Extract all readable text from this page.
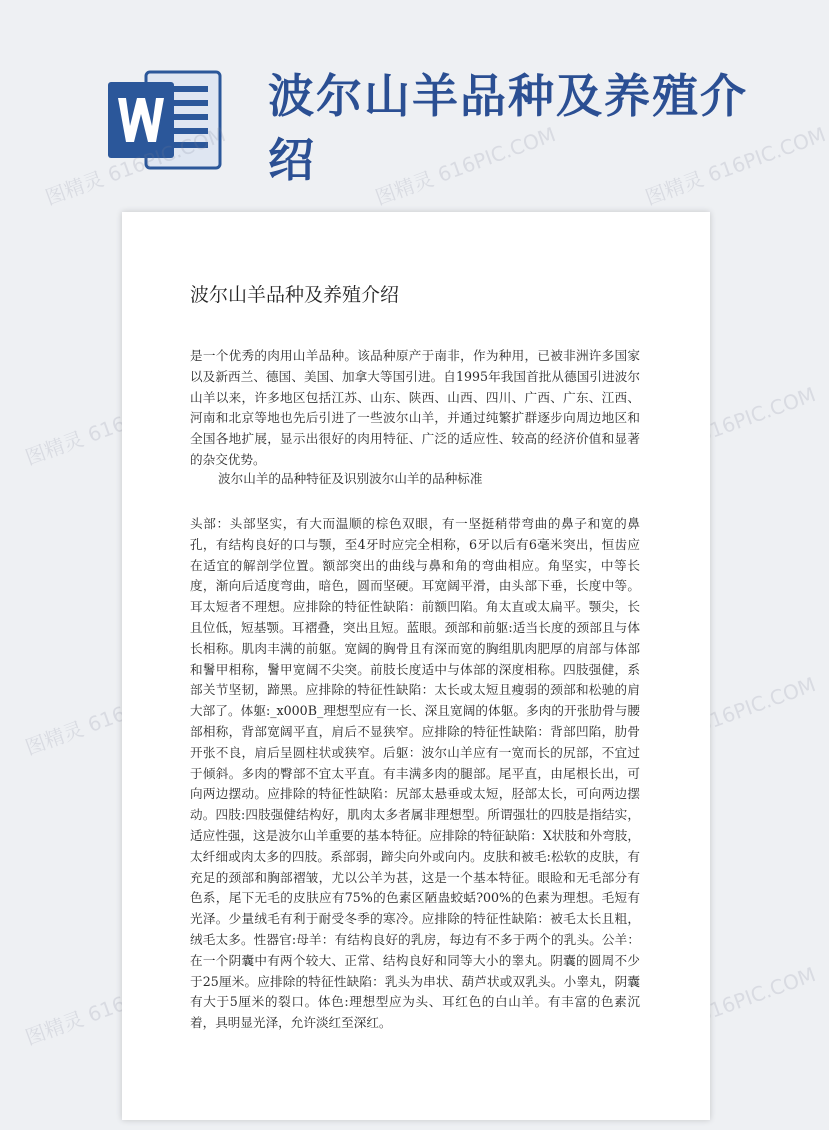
波尔山羊品种及养殖介绍
图精灵 616PIC.COM	图精灵 616PIC.COM	图精灵 616PIC.COM
图精灵 616PIC.COM	图精灵 616PIC.COM
图精灵 616PIC.COM	图精灵 616PIC.COM
图精灵 616PIC.COM	图精灵 616PIC.COM
波尔山羊品种及养殖介绍

是一个优秀的肉用山羊品种。该品种原产于南非，作为种用，已被非洲许多国家以及新西兰、德国、美国、加拿大等国引进。自1995年我国首批从德国引进波尔山羊以来，许多地区包括江苏、山东、陕西、山西、四川、广西、广东、江西、河南和北京等地也先后引进了一些波尔山羊，并通过纯繁扩群逐步向周边地区和全国各地扩展，显示出很好的肉用特征、广泛的适应性、较高的经济价值和显著的杂交优势。

波尔山羊的品种特征及识别波尔山羊的品种标准

头部：头部坚实，有大而温顺的棕色双眼，有一坚挺稍带弯曲的鼻子和宽的鼻孔，有结构良好的口与颚，至4牙时应完全相称，6牙以后有6毫米突出，恒齿应在适宜的解剖学位置。额部突出的曲线与鼻和角的弯曲相应。角坚实，中等长度，渐向后适度弯曲，暗色，圆而坚硬。耳宽阔平滑，由头部下垂，长度中等。耳太短者不理想。应排除的特征性缺陷：前额凹陷。角太直或太扁平。颚尖，长且位低，短基颚。耳褶叠，突出且短。蓝眼。颈部和前躯:适当长度的颈部且与体长相称。肌肉丰满的前躯。宽阔的胸骨且有深而宽的胸组肌肉肥厚的肩部与体部和鬐甲相称，鬐甲宽阔不尖突。前肢长度适中与体部的深度相称。四肢强健，系部关节坚韧，蹄黑。应排除的特征性缺陷：太长或太短且瘦弱的颈部和松驰的肩大部了。体躯:_x000B_理想型应有一长、深且宽阔的体躯。多肉的开张肋骨与腰部相称，背部宽阔平直，肩后不显狭窄。应排除的特征性缺陷：背部凹陷，肋骨开张不良，肩后呈圆柱状或狭窄。后躯：波尔山羊应有一宽而长的尻部，不宜过于倾斜。多肉的臀部不宜太平直。有丰满多肉的腿部。尾平直，由尾根长出，可向两边摆动。应排除的特征性缺陷：尻部太悬垂或太短，胫部太长，可向两边摆动。四肢:四肢强健结构好，肌肉太多者属非理想型。所谓强壮的四肢是指结实，适应性强，这是波尔山羊重要的基本特征。应排除的特征缺陷：X状肢和外弯肢，太纤细或肉太多的四肢。系部弱，蹄尖向外或向内。皮肤和被毛:松软的皮肤，有充足的颈部和胸部褶皱，尤以公羊为甚，这是一个基本特征。眼睑和无毛部分有色系，尾下无毛的皮肤应有75%的色素区陋蛊蛟蛞?00%的色素为理想。毛短有光泽。少量绒毛有利于耐受冬季的寒冷。应排除的特征性缺陷：被毛太长且粗，绒毛太多。性器官:母羊：有结构良好的乳房，每边有不多于两个的乳头。公羊：在一个阴囊中有两个较大、正常、结构良好和同等大小的睾丸。阴囊的圆周不少于25厘米。应排除的特征性缺陷：乳头为串状、葫芦状或双乳头。小睾丸，阴囊有大于5厘米的裂口。体色:理想型应为头、耳红色的白山羊。有丰富的色素沉着，具明显光泽，允许淡红至深红。
